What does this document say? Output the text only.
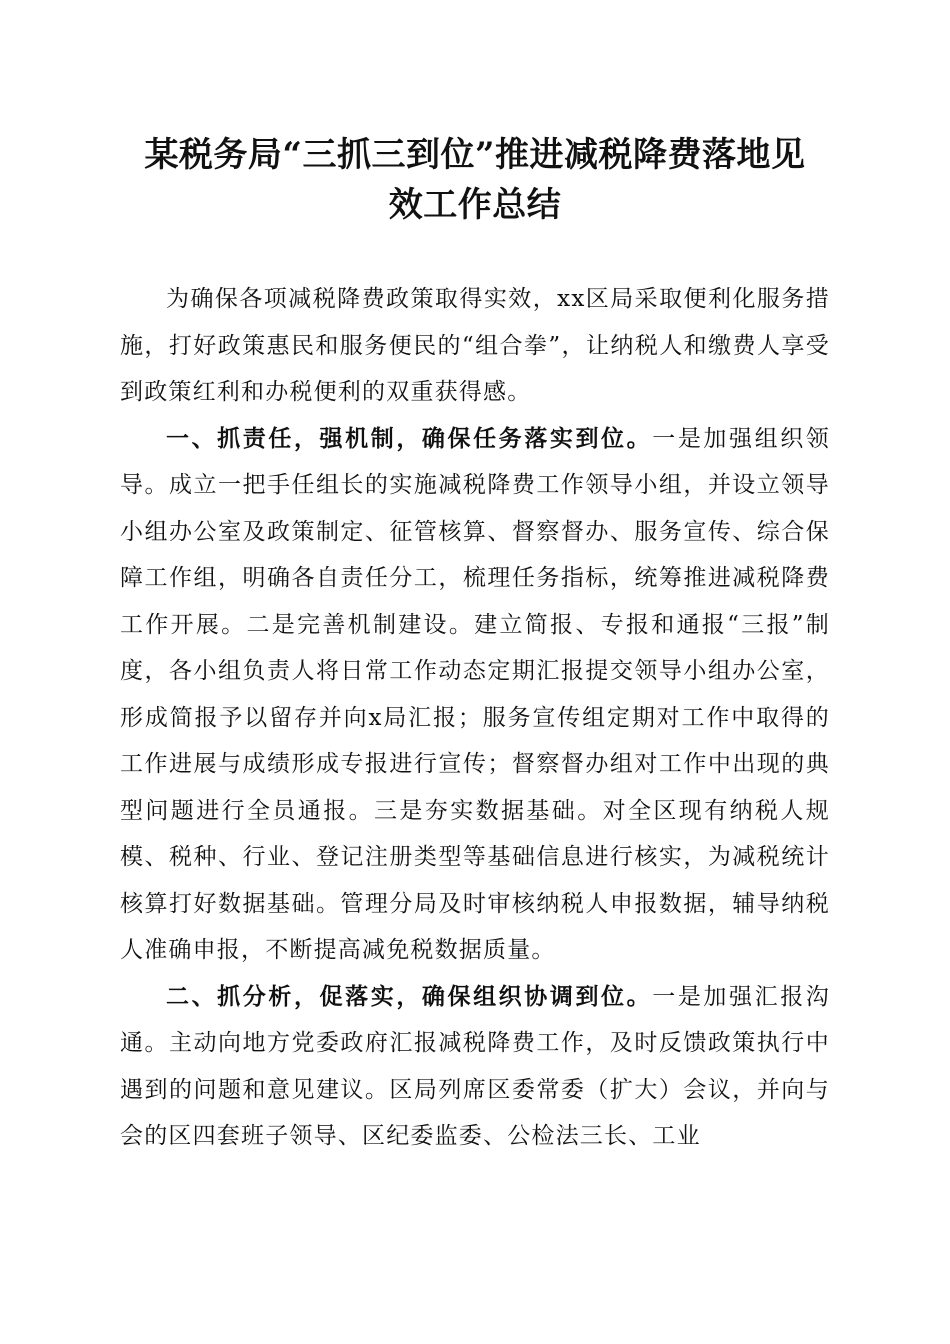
某税务局“三抓三到位”推进减税降费落地见
效工作总结

为确保各项减税降费政策取得实效，xx区局采取便利化服务措施，打好政策惠民和服务便民的“组合拳”，让纳税人和缴费人享受到政策红利和办税便利的双重获得感。

一、抓责任，强机制，确保任务落实到位。一是加强组织领导。成立一把手任组长的实施减税降费工作领导小组，并设立领导小组办公室及政策制定、征管核算、督察督办、服务宣传、综合保障工作组，明确各自责任分工，梳理任务指标，统筹推进减税降费工作开展。二是完善机制建设。建立简报、专报和通报“三报”制度，各小组负责人将日常工作动态定期汇报提交领导小组办公室，形成简报予以留存并向x局汇报；服务宣传组定期对工作中取得的工作进展与成绩形成专报进行宣传；督察督办组对工作中出现的典型问题进行全员通报。三是夯实数据基础。对全区现有纳税人规模、税种、行业、登记注册类型等基础信息进行核实，为减税统计核算打好数据基础。管理分局及时审核纳税人申报数据，辅导纳税人准确申报，不断提高减免税数据质量。

二、抓分析，促落实，确保组织协调到位。一是加强汇报沟通。主动向地方党委政府汇报减税降费工作，及时反馈政策执行中遇到的问题和意见建议。区局列席区委常委（扩大）会议，并向与会的区四套班子领导、区纪委监委、公检法三长、工业
